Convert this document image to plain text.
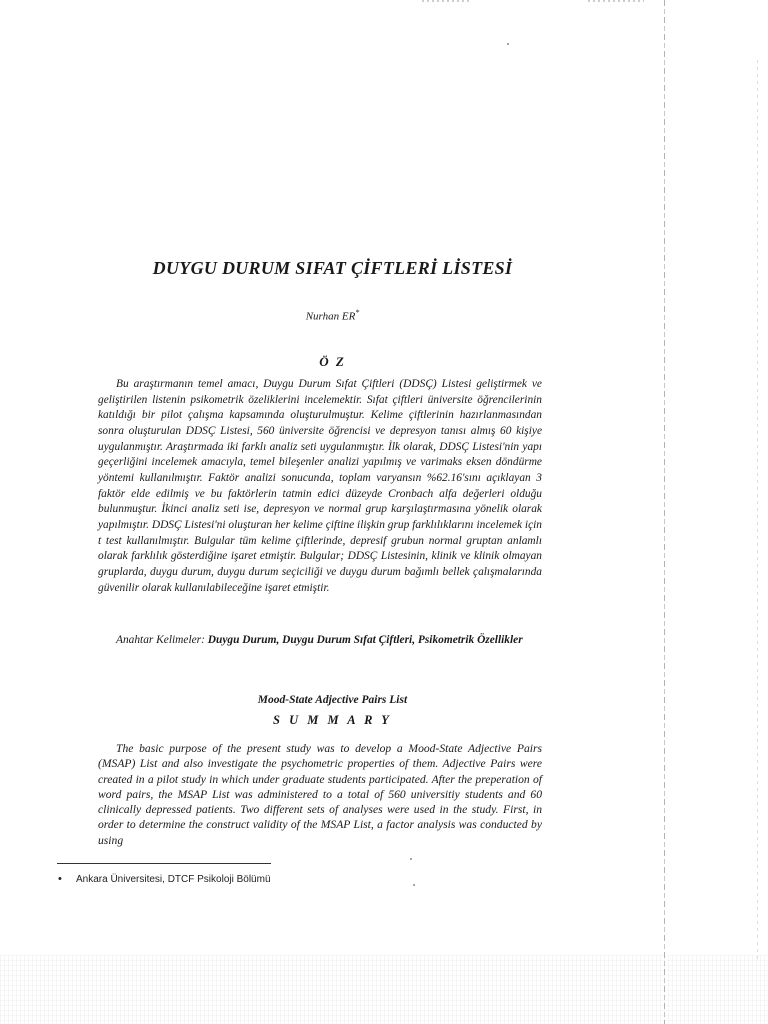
DUYGU DURUM SIFAT ÇİFTLERİ LİSTESİ
Nurhan ER*
Ö Z

Bu araştırmanın temel amacı, Duygu Durum Sıfat Çiftleri (DDSÇ) Listesi geliştirmek ve geliştirilen listenin psikometrik özeliklerini incelemektir. Sıfat çiftleri üniversite öğrencilerinin katıldığı bir pilot çalışma kapsamında oluşturulmuştur. Kelime çiftlerinin hazırlanmasından sonra oluşturulan DDSÇ Listesi, 560 üniversite öğrencisi ve depresyon tanısı almış 60 kişiye uygulanmıştır. Araştırmada iki farklı analiz seti uygulanmıştır. İlk olarak, DDSÇ Listesi'nin yapı geçerliğini incelemek amacıyla, temel bileşenler analizi yapılmış ve varimaks eksen döndürme yöntemi kullanılmıştır. Faktör analizi sonucunda, toplam varyansın %62.16'sını açıklayan 3 faktör elde edilmiş ve bu faktörlerin tatmin edici düzeyde Cronbach alfa değerleri olduğu bulunmuştur. İkinci analiz seti ise, depresyon ve normal grup karşılaştırmasına yönelik olarak yapılmıştır. DDSÇ Listesi'ni oluşturan her kelime çiftine ilişkin grup farklılıklarını incelemek için t test kullanılmıştır. Bulgular tüm kelime çiftlerinde, depresif grubun normal gruptan anlamlı olarak farklılık gösterdiğine işaret etmiştir. Bulgular; DDSÇ Listesinin, klinik ve klinik olmayan gruplarda, duygu durum, duygu durum seçiciliği ve duygu durum bağımlı bellek çalışmalarında güvenilir olarak kullanılabileceğine işaret etmiştir.

Anahtar Kelimeler: Duygu Durum, Duygu Durum Sıfat Çiftleri, Psikometrik Özellikler

Mood-State Adjective Pairs List
S U M M A R Y

The basic purpose of the present study was to develop a Mood-State Adjective Pairs (MSAP) List and also investigate the psychometric properties of them. Adjective Pairs were created in a pilot study in which under graduate students participated. After the preperation of word pairs, the MSAP List was administered to a total of 560 universitiy students and 60 clinically depressed patients. Two different sets of analyses were used in the study. First, in order to determine the construct validity of the MSAP List, a factor analysis was conducted by using

• Ankara Üniversitesi, DTCF Psikoloji Bölümü
